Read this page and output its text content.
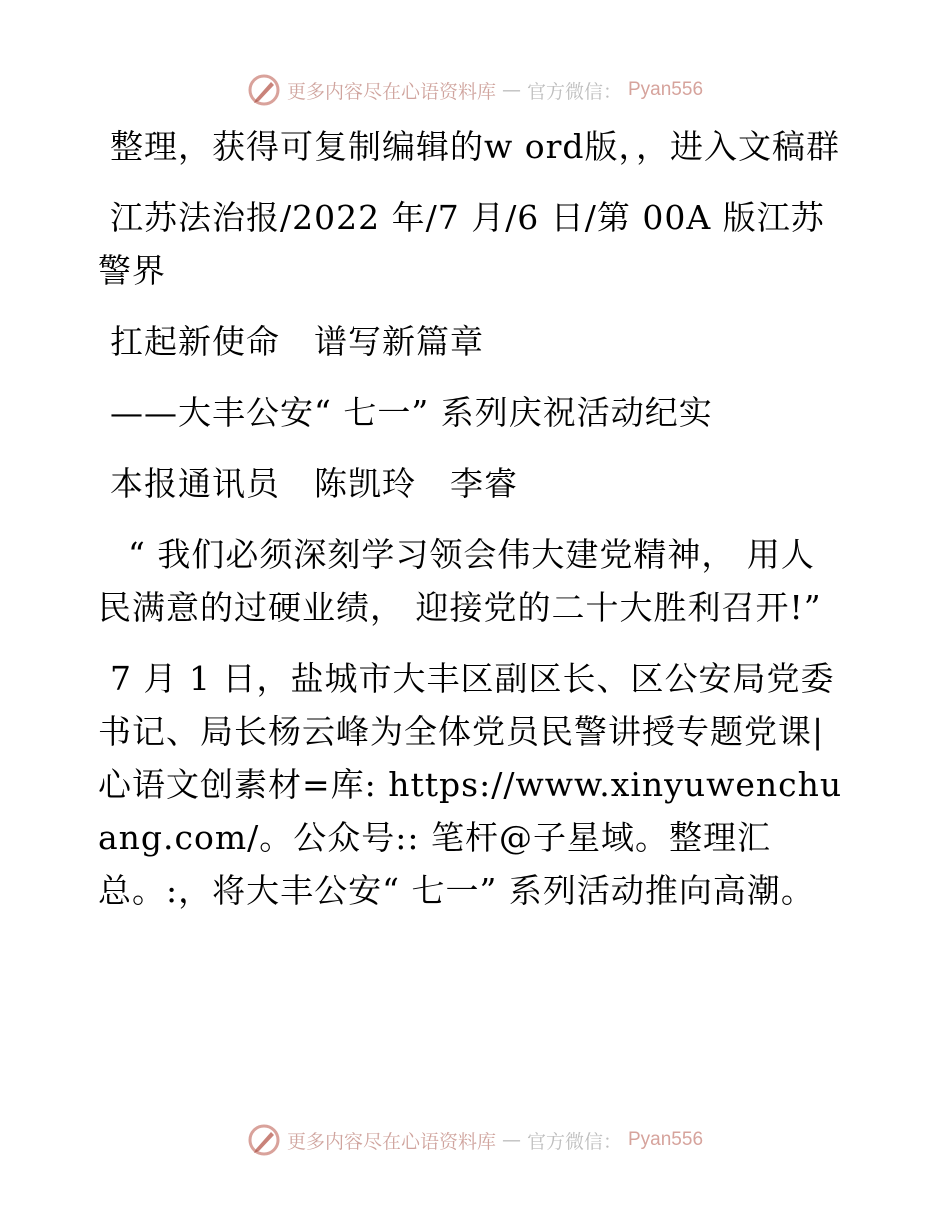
更多内容尽在心语资料库 — 官方微信： Pyan556

整理，获得可复制编辑的w ord版，，进入文稿群

江苏法治报/2022 年/7 月/6 日/第 00A 版江苏警界

扛起新使命　谱写新篇章

——大丰公安“ 七一” 系列庆祝活动纪实

本报通讯员　陈凯玲　李睿

“ 我们必须深刻学习领会伟大建党精神， 用人民满意的过硬业绩， 迎接党的二十大胜利召开!”

7 月 1 日，盐城市大丰区副区长、区公安局党委书记、局长杨云峰为全体党员民警讲授专题党课|心语文创素材=库: https://www.xinyuwenchuang.com/。公众号:: 笔杆@子星域。整理汇总。:，将大丰公安“ 七一” 系列活动推向高潮。

更多内容尽在心语资料库 — 官方微信： Pyan556
